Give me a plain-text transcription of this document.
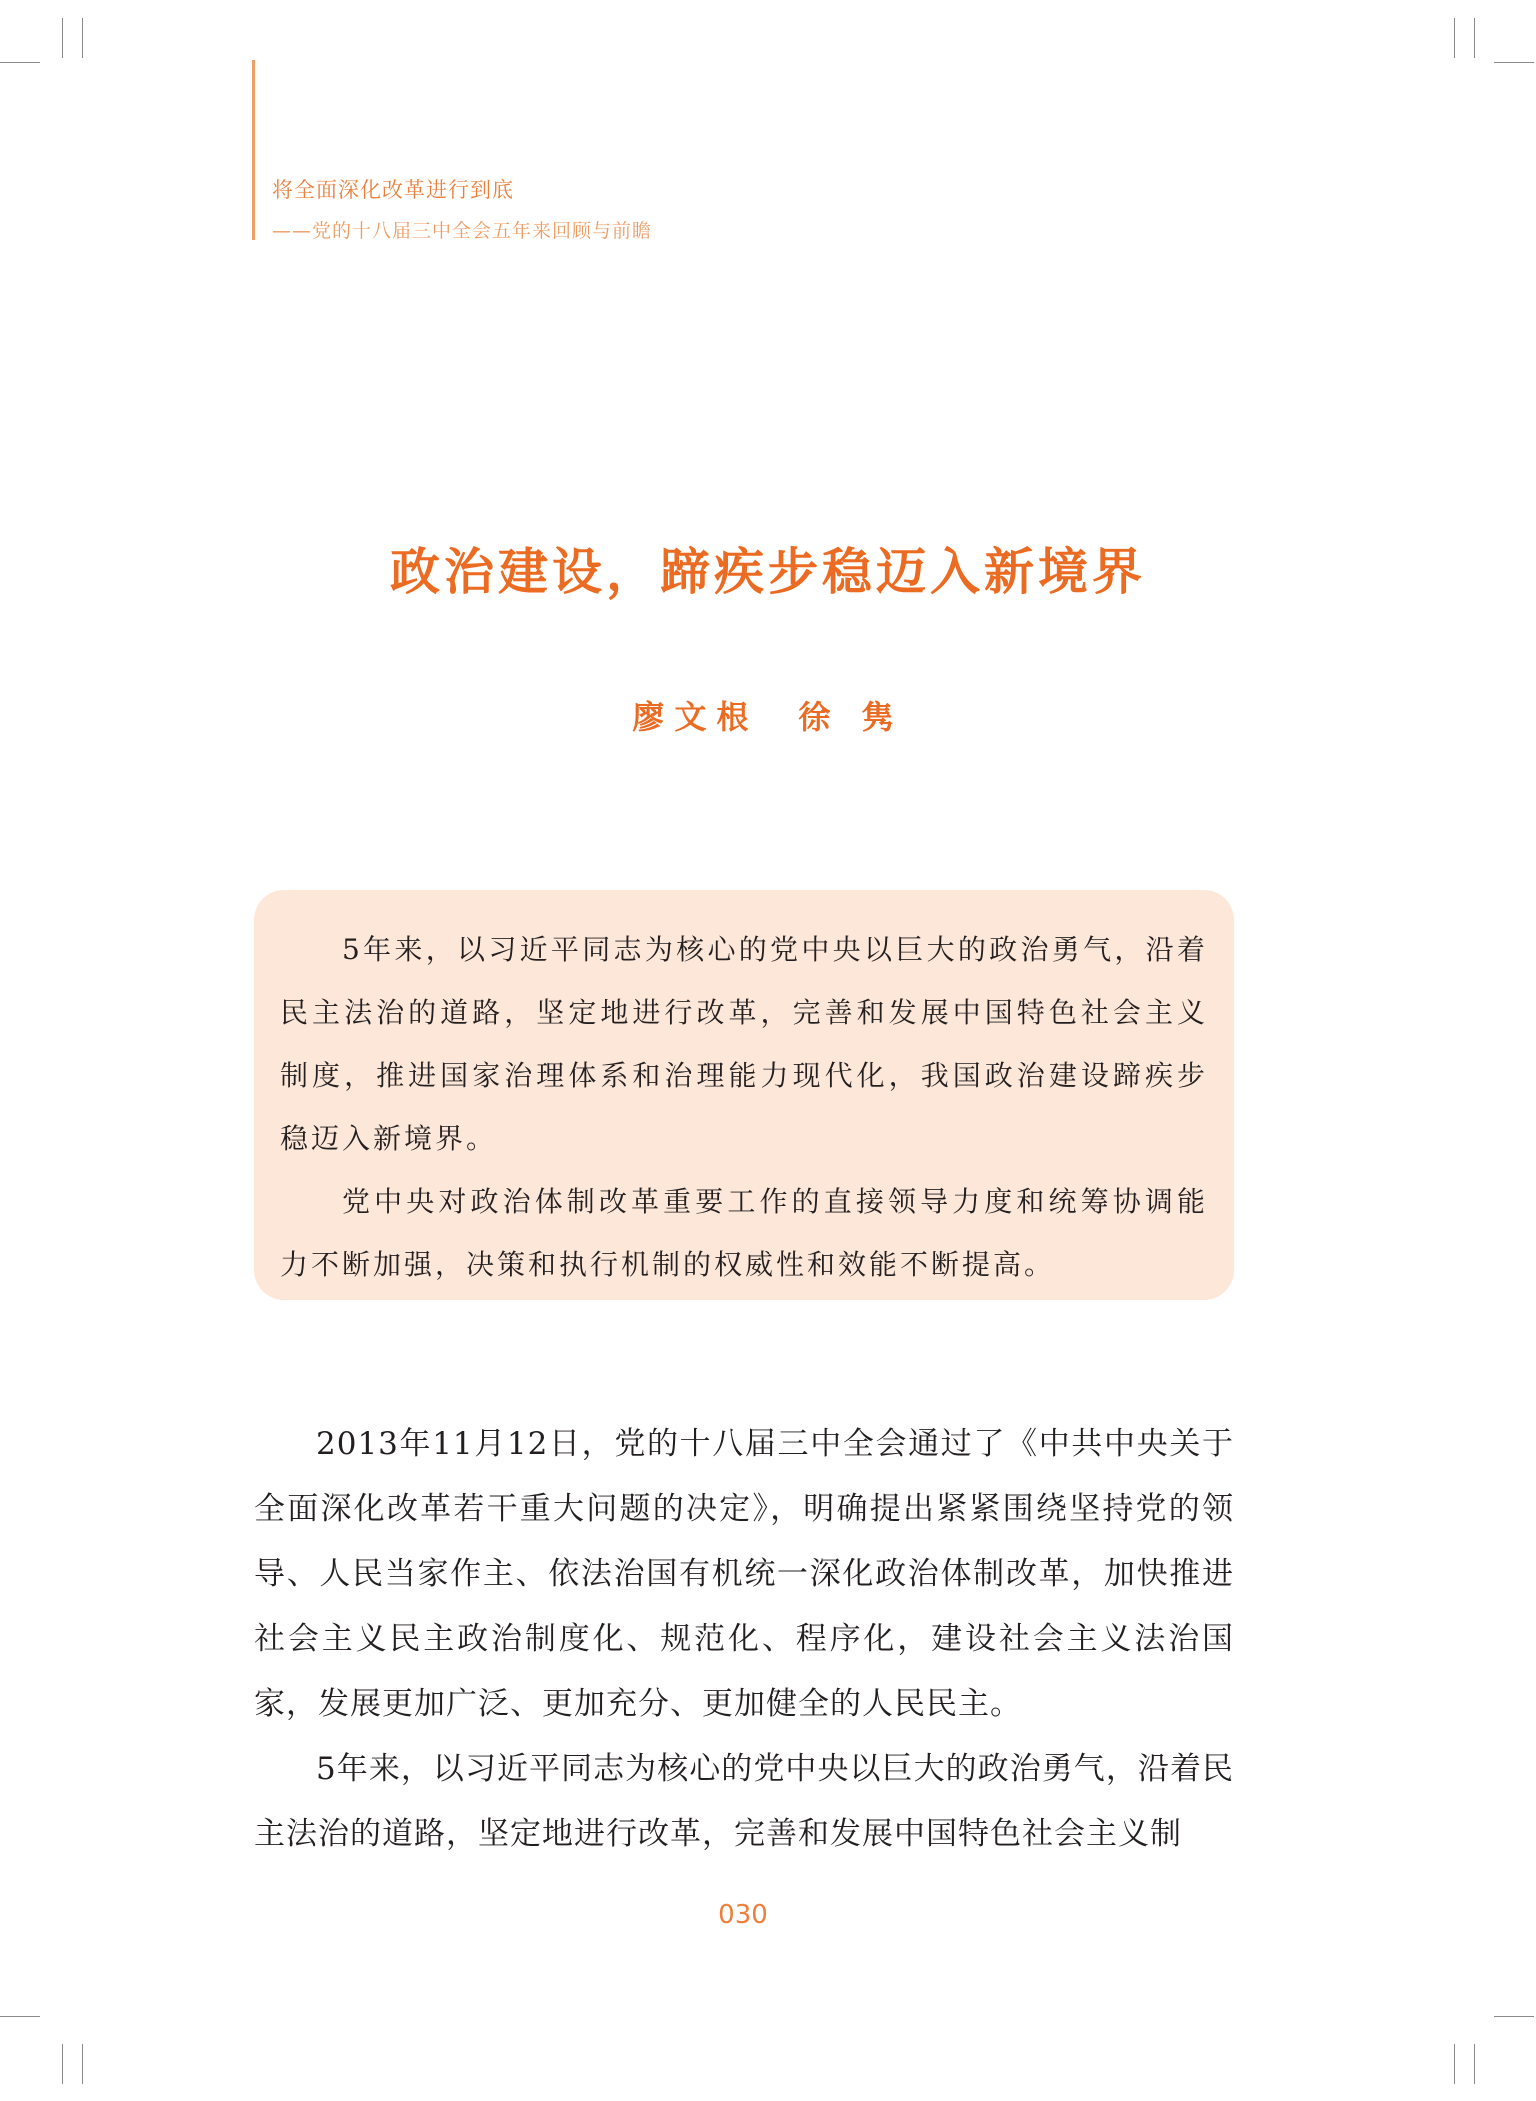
将全面深化改革进行到底
——党的十八届三中全会五年来回顾与前瞻
政治建设，蹄疾步稳迈入新境界
廖文根 徐 隽

5年来，以习近平同志为核心的党中央以巨大的政治勇气，沿着民主法治的道路，坚定地进行改革，完善和发展中国特色社会主义制度，推进国家治理体系和治理能力现代化，我国政治建设蹄疾步稳迈入新境界。

党中央对政治体制改革重要工作的直接领导力度和统筹协调能力不断加强，决策和执行机制的权威性和效能不断提高。

2013年11月12日，党的十八届三中全会通过了《中共中央关于全面深化改革若干重大问题的决定》，明确提出紧紧围绕坚持党的领导、人民当家作主、依法治国有机统一深化政治体制改革，加快推进社会主义民主政治制度化、规范化、程序化，建设社会主义法治国家，发展更加广泛、更加充分、更加健全的人民民主。

5年来，以习近平同志为核心的党中央以巨大的政治勇气，沿着民主法治的道路，坚定地进行改革，完善和发展中国特色社会主义制

030
